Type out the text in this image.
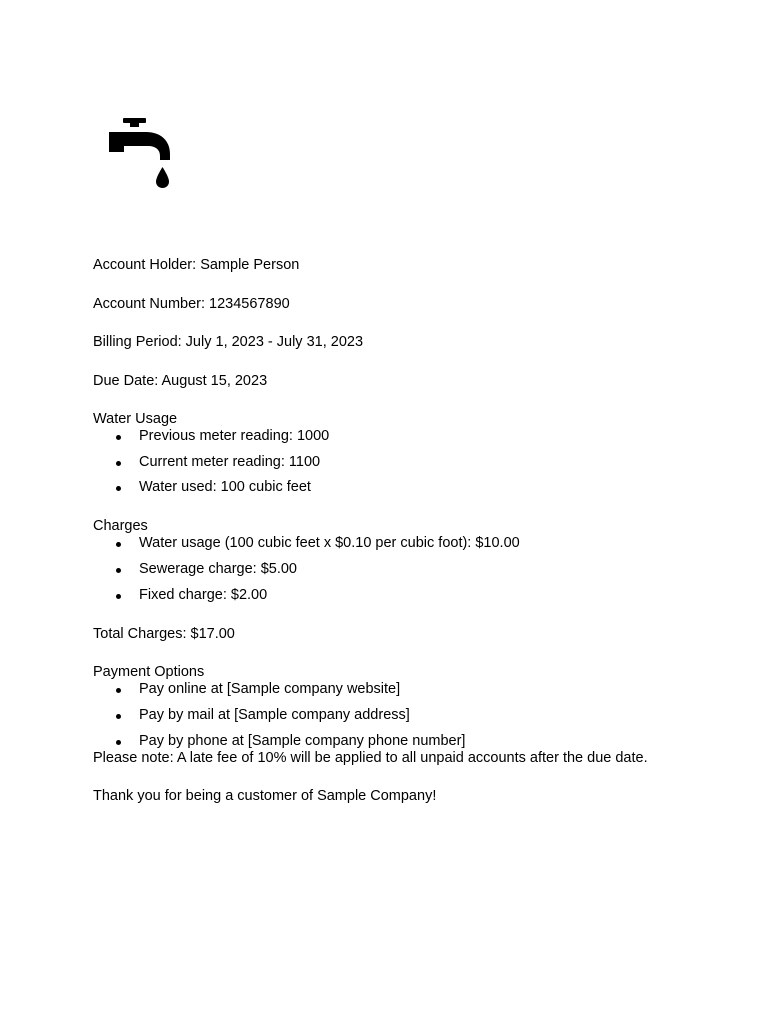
Account Holder: Sample Person

Account Number: 1234567890

Billing Period: July 1, 2023 - July 31, 2023

Due Date: August 15, 2023

Water Usage

Previous meter reading: 1000
Current meter reading: 1100
Water used: 100 cubic feet

Charges

Water usage (100 cubic feet x $0.10 per cubic foot): $10.00
Sewerage charge: $5.00
Fixed charge: $2.00

Total Charges: $17.00

Payment Options

Pay online at [Sample company website]
Pay by mail at [Sample company address]
Pay by phone at [Sample company phone number]

Please note: A late fee of 10% will be applied to all unpaid accounts after the due date.

Thank you for being a customer of Sample Company!
